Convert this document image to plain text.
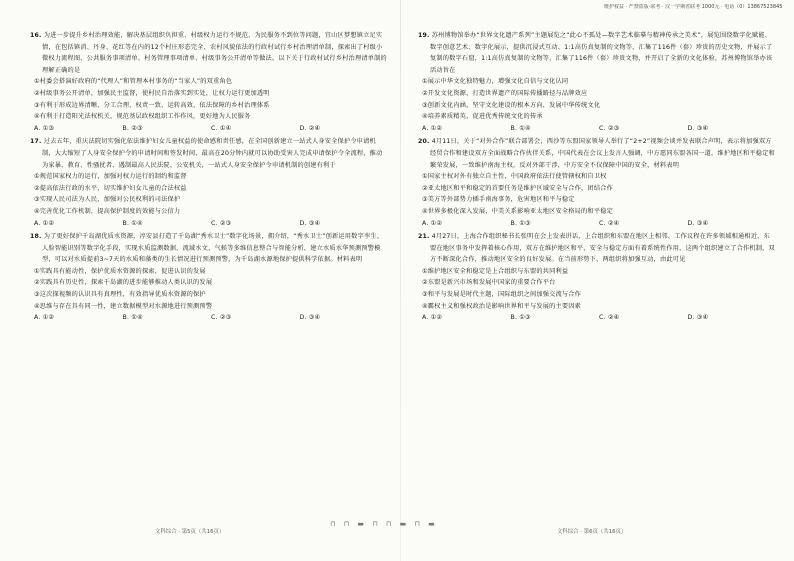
维护权益 · 严禁盗版·联考 · 汉一学期省联考 1000元 · 电话（0）13867523845

16. 为进一步提升乡村治理效能，解决基层组织负担重、村级权力运行不规范、为民服务不到位等问题，宜山区梦想镇立足实情，在包括镇消、丹身、花红等在内的12个村庄形态完全、农村风貌依法的行政村试行乡村治理清单制，探索出了村级小微权力流程图、公共服务事项清单、村务管理事项清单、村级事务公开清单等做法。以下关于行政村试行乡村治理清单制的理解正确的是

①村委会搭演好政府的“代理人”和管理本村事务的“当家人”的双重角色

②村级事务公开清单，加强民主监督，使村民自治落实到实处，让权力运行更加透明

③有利于形成边界清晰、分工合理、权责一致、运转高效、依法保障的乡村治理体系

④有利于打造阳光法权机关，规范基层政权组织工作作风，更好地为人民服务

A. ①③	B. ②③	C. ①④	D. ②④

17. 过去五年，重庆法院切实强化依法维护妇女儿童权益的使命感和责任感，在全国创新建立一站式人身安全保护令申请机制，大大缩短了人身安全保护令的申请时间和签发时间，最高在20分钟内就可以协助受害人完成申请保护令全流程，推动为家暴、教育、性骚扰者、遇制最高人民法院、公安机关，一站式人身安全保护令申请机制的创建有利于

①规范国家权力的运行，加强对权力运行的制约和监督

②提高依法行政的水平，切实维护妇女儿童的合法权益

③实现人民司法为人民，加强对公民权利的司法保护

④完善优化工作机制，提高保护制度的效能与公信力

A. ①②	B. ①④	C. ②③	D. ③④

18. 为了更好保护千岛湖优质水资源，淳安县打造了千岛湖“秀水卫士”数字化场景，拥介绍，“秀水卫士”创新运用数字孪生、人脸智能识别等数字化手段，实现水质监测数据、流域水文、气候等多维信息整合与智能分析，建立水质水华预测预警模型，可以对水质提前3~7天的水质和藻类的生长情况进行预测预警，为千岛湖水源地保护提供科学依据。材料表明

①实践具有能动性，保护优质水资源的探索，促进认识的发展

②实践具有历史性，探索千岛湖的进步能够推动人类认识的发展

③这次探视频的认识具有真理性，有效指导优质水资源的保护

④思维与存在具有同一性，建立数据模型对水源地进行预测预警

A. ①②	B. ①④	C. ②③	D. ③④

19. 苏州博物馆举办“世界文化遗产系列”主题展览之“此心不孤处—数字艺术临摹与精神传承之美术”，展览围绕数字化赋能、数字创意艺术、数字化展示，提供沉浸式互动、1:1高仿真复制的文物等，汇集了116件（套）珍贵的历史文物，并展示了复制的数字石窟，1:1高仿真复制的文物等，汇集了116件（套）珍贵文物，并开启了全新的文化体验，苏州博物馆举办该活动旨在

①展示中华文化独特魅力，增强文化自信与文化认同

②开发文化资源，打造世界遗产的国际传播路径与品牌效应

③创新文化内涵，坚守文化建设的根本方向，发展中华传统文化

④培养素质精英，促进优秀传统文化的传承

A. ①②	B. ①④	C. ②③	D. ③④

20. 4月11日，关于“对外合作”联合部署会，西沙等东盟国家领导人举行了“2+2”视频会谈并发表联合声明，表示将加强双方经贸合作和建设双方全面战略合作伙伴关系，中国代表在会议上发言人强调，中方愿同东盟各国一道，维护地区和平稳定和繁荣发展，一致维护南海主权，反对外部干涉，中方安全不仅保障中国的安全，材料表明

①国家主权对外有独立自主性，中国政府依法行使管辖权和自卫权

②亚太地区和平和稳定的首要任务是维护区域安全与合作，团结合作

③美方等外部势力插手南海事务，危害地区和平与稳定

④世界多极化深入发展，中美关系影响亚太地区安全格局的和平稳定

A. ①②	B. ①③	C. ②④	D. ③④

21. 4月27日，上海合作组织秘书长张明在会上发表讲话，上合组织和东盟在地区上相邻、工作议程在许多领域相通相近、东盟在地区事务中发挥着核心作用，双方在维护地区和平、安全与稳定方面有着系统性作用，这两个组织建立了合作机制，双方不断深化合作，推动地区安全的良好发展。在当前形势下，两组织将加强互动，由此可见

①维护地区安全和稳定是上合组织与东盟的共同利益

②东盟是新兴市场和发展中国家的重要合作平台

③和平与发展是时代主题，国际组织之间加强交流与合作

④霸权主义和强权政治是影响世界和平与发展的主要因素

A. ①②	B. ①③	C. ②④	D. ③④
⊓ ⊓ ▬ ⊓ ⊓ ▬ ⊓ ▬
文科综合 · 第5页（共16页）	文科综合 · 第6页（共16页）
